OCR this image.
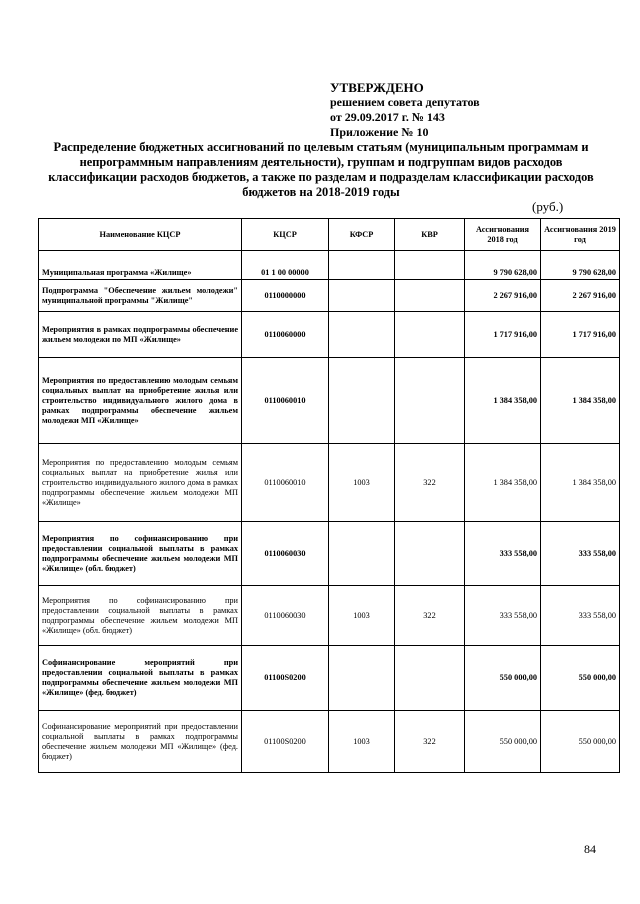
УТВЕРЖДЕНО
решением совета депутатов
от 29.09.2017 г. № 143
Приложение № 10
Распределение бюджетных ассигнований по целевым статьям (муниципальным программам и непрограммным направлениям деятельности), группам и подгруппам видов расходов классификации расходов бюджетов, а также по разделам и подразделам классификации расходов бюджетов на 2018-2019 годы
(руб.)
Наименование КЦСР	КЦСР	КФСР	КВР	Ассигнования 2018 год	Ассигнования 2019 год
Муниципальная программа «Жилище»	01 1 00 00000			9 790 628,00	9 790 628,00
Подпрограмма "Обеспечение жильем молодежи" муниципальной программы "Жилище"	0110000000			2 267 916,00	2 267 916,00
Мероприятия в рамках подпрограммы обеспечение жильем молодежи по МП «Жилище»	0110060000			1 717 916,00	1 717 916,00
Мероприятия по предоставлению молодым семьям социальных выплат на приобретение жилья или строительство индивидуального жилого дома в рамках подпрограммы обеспечение жильем молодежи МП «Жилище»	0110060010			1 384 358,00	1 384 358,00
Мероприятия по предоставлению молодым семьям социальных выплат на приобретение жилья или строительство индивидуального жилого дома в рамках подпрограммы обеспечение жильем молодежи МП «Жилище»	0110060010	1003	322	1 384 358,00	1 384 358,00
Мероприятия по софинансированию при предоставлении социальной выплаты в рамках подпрограммы обеспечение жильем молодежи МП «Жилище» (обл. бюджет)	0110060030			333 558,00	333 558,00
Мероприятия по софинансированию при предоставлении социальной выплаты в рамках подпрограммы обеспечение жильем молодежи МП «Жилище» (обл. бюджет)	0110060030	1003	322	333 558,00	333 558,00
Софинансирование мероприятий при предоставлении социальной выплаты в рамках подпрограммы обеспечение жильем молодежи МП «Жилище» (фед. бюджет)	01100S0200			550 000,00	550 000,00
Софинансирование мероприятий при предоставлении социальной выплаты в рамках подпрограммы обеспечение жильем молодежи МП «Жилище» (фед. бюджет)	01100S0200	1003	322	550 000,00	550 000,00
84
